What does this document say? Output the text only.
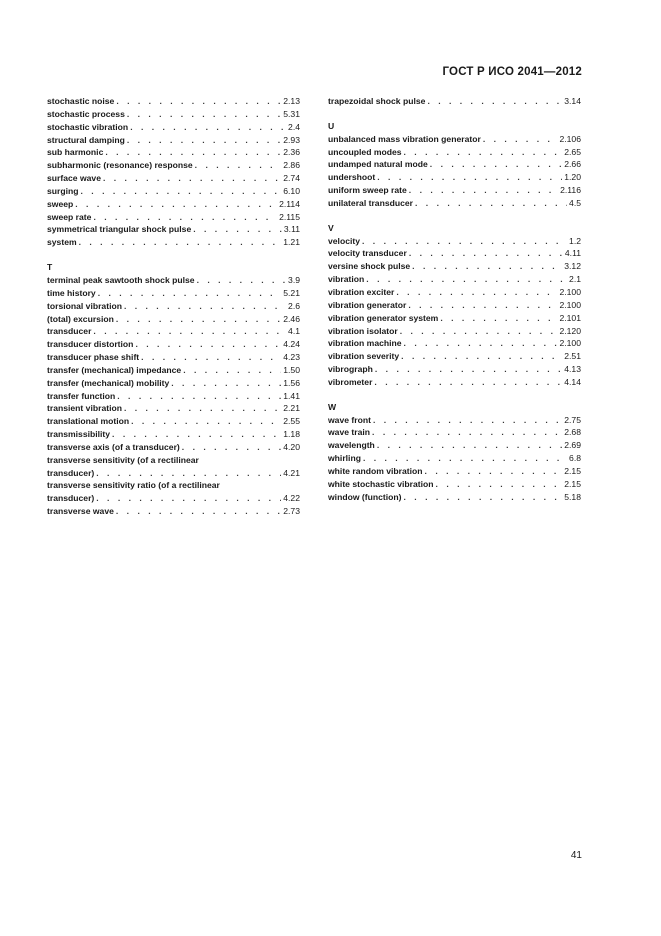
ГОСТ Р ИСО 2041—2012
stochastic noise . . .	2.13
stochastic process . . .	5.31
stochastic vibration . . .	2.4
structural damping . . .	2.93
sub harmonic . . .	2.36
subharmonic (resonance) response . . .	2.86
surface wave . . .	2.74
surging . . .	6.10
sweep . . .	2.114
sweep rate . . .	2.115
symmetrical triangular shock pulse . . .	3.11
system . . .	1.21
T
terminal peak sawtooth shock pulse . . .	3.9
time history . . .	5.21
torsional vibration . . .	2.6
(total) excursion . . .	2.46
transducer . . .	4.1
transducer distortion . . .	4.24
transducer phase shift . . .	4.23
transfer (mechanical) impedance . . .	1.50
transfer (mechanical) mobility . . .	1.56
transfer function . . .	1.41
transient vibration . . .	2.21
translational motion . . .	2.55
transmissibility . . .	1.18
transverse axis (of a transducer) . . .	4.20
transverse sensitivity (of a rectilinear
transducer) . . .	4.21
transverse sensitivity ratio (of a rectilinear
transducer) . . .	4.22
transverse wave . . .	2.73
trapezoidal shock pulse . . .	3.14
U
unbalanced mass vibration generator . . .	2.106
uncoupled modes . . .	2.65
undamped natural mode . . .	2.66
undershoot . . .	1.20
uniform sweep rate . . .	2.116
unilateral transducer . . .	4.5
V
velocity . . .	1.2
velocity transducer . . .	4.11
versine shock pulse . . .	3.12
vibration . . .	2.1
vibration exciter . . .	2.100
vibration generator . . .	2.100
vibration generator system . . .	2.101
vibration isolator . . .	2.120
vibration machine . . .	2.100
vibration severity . . .	2.51
vibrograph . . .	4.13
vibrometer . . .	4.14
W
wave front . . .	2.75
wave train . . .	2.68
wavelength . . .	2.69
whirling . . .	6.8
white random vibration . . .	2.15
white stochastic vibration . . .	2.15
window (function) . . .	5.18
41
